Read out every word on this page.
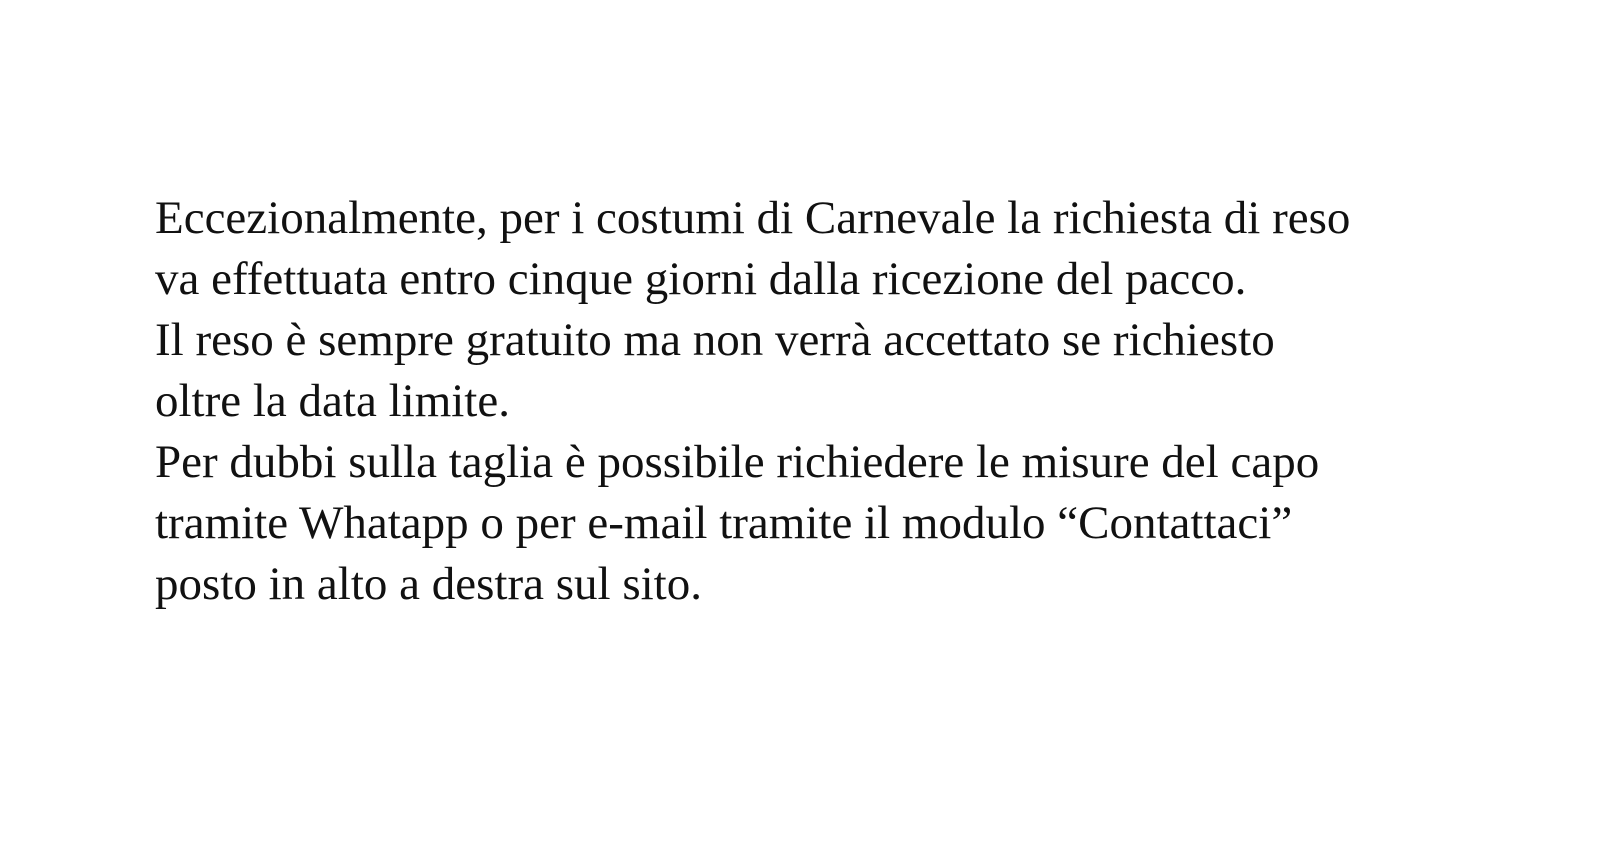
Eccezionalmente, per i costumi di Carnevale la richiesta di reso
va effettuata entro cinque giorni dalla ricezione del pacco.
Il reso è sempre gratuito ma non verrà accettato se richiesto
oltre la data limite.
Per dubbi sulla taglia è possibile richiedere le misure del capo
tramite Whatapp o per e-mail tramite il modulo “Contattaci”
posto in alto a destra sul sito.
